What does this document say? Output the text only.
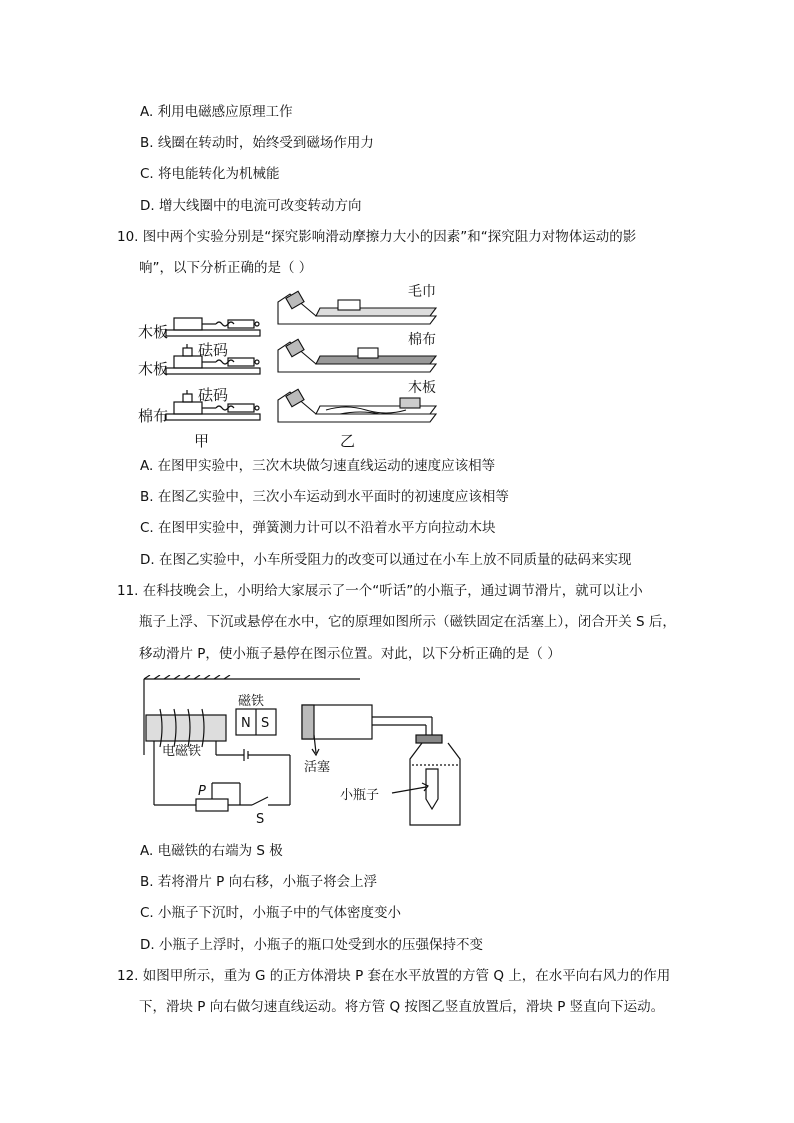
A. 利用电磁感应原理工作
B. 线圈在转动时，始终受到磁场作用力
C. 将电能转化为机械能
D. 增大线圈中的电流可改变转动方向
10. 图中两个实验分别是“探究影响滑动摩擦力大小的因素”和“探究阻力对物体运动的影
响”，以下分析正确的是（ ）
木板
砝码
木板
砝码
棉布
甲
毛巾
棉布
木板
乙
A. 在图甲实验中，三次木块做匀速直线运动的速度应该相等
B. 在图乙实验中，三次小车运动到水平面时的初速度应该相等
C. 在图甲实验中，弹簧测力计可以不沿着水平方向拉动木块
D. 在图乙实验中，小车所受阻力的改变可以通过在小车上放不同质量的砝码来实现
11. 在科技晚会上，小明给大家展示了一个“听话”的小瓶子，通过调节滑片，就可以让小
瓶子上浮、下沉或悬停在水中，它的原理如图所示（磁铁固定在活塞上），闭合开关 S 后，
移动滑片 P，使小瓶子悬停在图示位置。对此，以下分析正确的是（ ）
电磁铁
P
S
磁铁
N S
活塞
小瓶子
A. 电磁铁的右端为 S 极
B. 若将滑片 P 向右移，小瓶子将会上浮
C. 小瓶子下沉时，小瓶子中的气体密度变小
D. 小瓶子上浮时，小瓶子的瓶口处受到水的压强保持不变
12. 如图甲所示，重为 G 的正方体滑块 P 套在水平放置的方管 Q 上，在水平向右风力的作用
下，滑块 P 向右做匀速直线运动。将方管 Q 按图乙竖直放置后，滑块 P 竖直向下运动。
